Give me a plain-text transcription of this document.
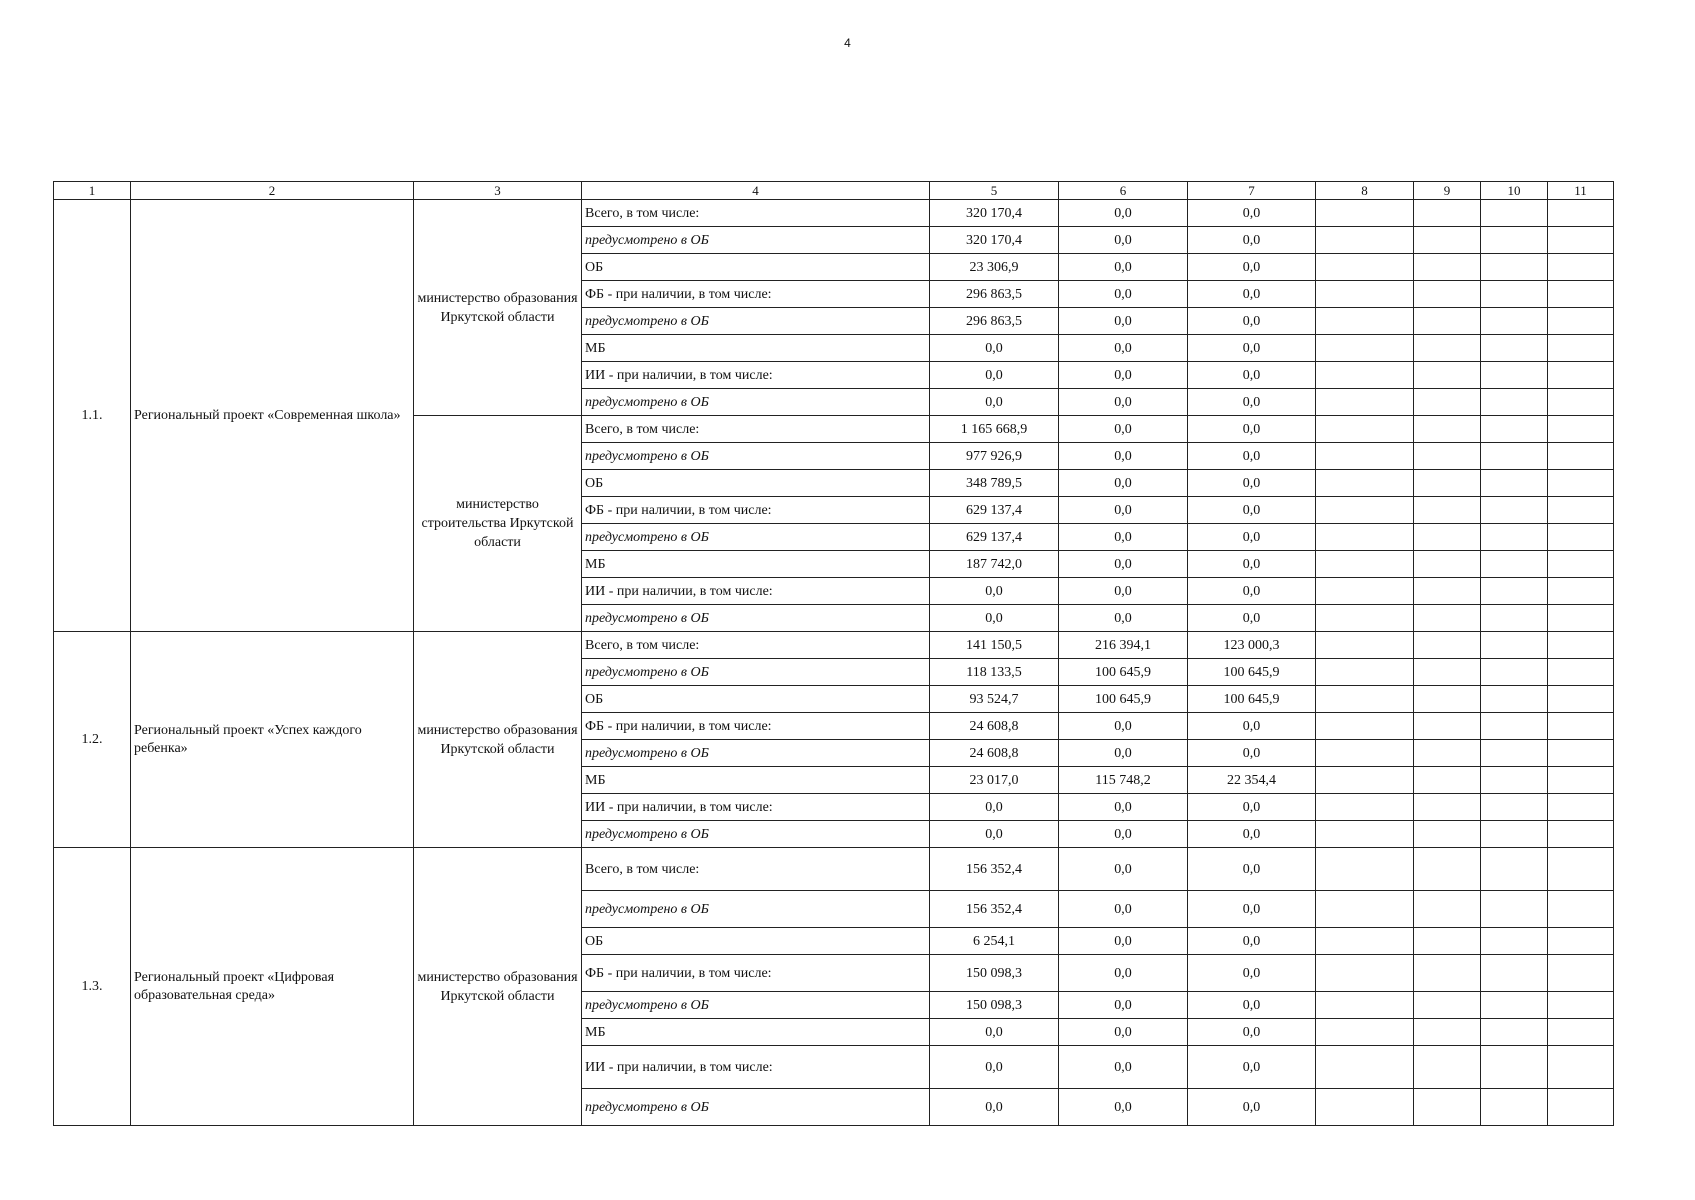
4
1	2	3	4	5	6	7	8	9	10	11
1.1.	Региональный проект «Современная школа»	министерство образования Иркутской области	Всего, в том числе:	320 170,4	0,0	0,0				
			предусмотрено в ОБ	320 170,4	0,0	0,0				
			ОБ	23 306,9	0,0	0,0				
			ФБ - при наличии, в том числе:	296 863,5	0,0	0,0				
			предусмотрено в ОБ	296 863,5	0,0	0,0				
			МБ	0,0	0,0	0,0				
			ИИ - при наличии, в том числе:	0,0	0,0	0,0				
			предусмотрено в ОБ	0,0	0,0	0,0				
		министерство строительства Иркутской области	Всего, в том числе:	1 165 668,9	0,0	0,0				
			предусмотрено в ОБ	977 926,9	0,0	0,0				
			ОБ	348 789,5	0,0	0,0				
			ФБ - при наличии, в том числе:	629 137,4	0,0	0,0				
			предусмотрено в ОБ	629 137,4	0,0	0,0				
			МБ	187 742,0	0,0	0,0				
			ИИ - при наличии, в том числе:	0,0	0,0	0,0				
			предусмотрено в ОБ	0,0	0,0	0,0				
1.2.	Региональный проект «Успех каждого ребенка»	министерство образования Иркутской области	Всего, в том числе:	141 150,5	216 394,1	123 000,3				
			предусмотрено в ОБ	118 133,5	100 645,9	100 645,9				
			ОБ	93 524,7	100 645,9	100 645,9				
			ФБ - при наличии, в том числе:	24 608,8	0,0	0,0				
			предусмотрено в ОБ	24 608,8	0,0	0,0				
			МБ	23 017,0	115 748,2	22 354,4				
			ИИ - при наличии, в том числе:	0,0	0,0	0,0				
			предусмотрено в ОБ	0,0	0,0	0,0				
1.3.	Региональный проект «Цифровая образовательная среда»	министерство образования Иркутской области	Всего, в том числе:	156 352,4	0,0	0,0				
			предусмотрено в ОБ	156 352,4	0,0	0,0				
			ОБ	6 254,1	0,0	0,0				
			ФБ - при наличии, в том числе:	150 098,3	0,0	0,0				
			предусмотрено в ОБ	150 098,3	0,0	0,0				
			МБ	0,0	0,0	0,0				
			ИИ - при наличии, в том числе:	0,0	0,0	0,0				
			предусмотрено в ОБ	0,0	0,0	0,0				
